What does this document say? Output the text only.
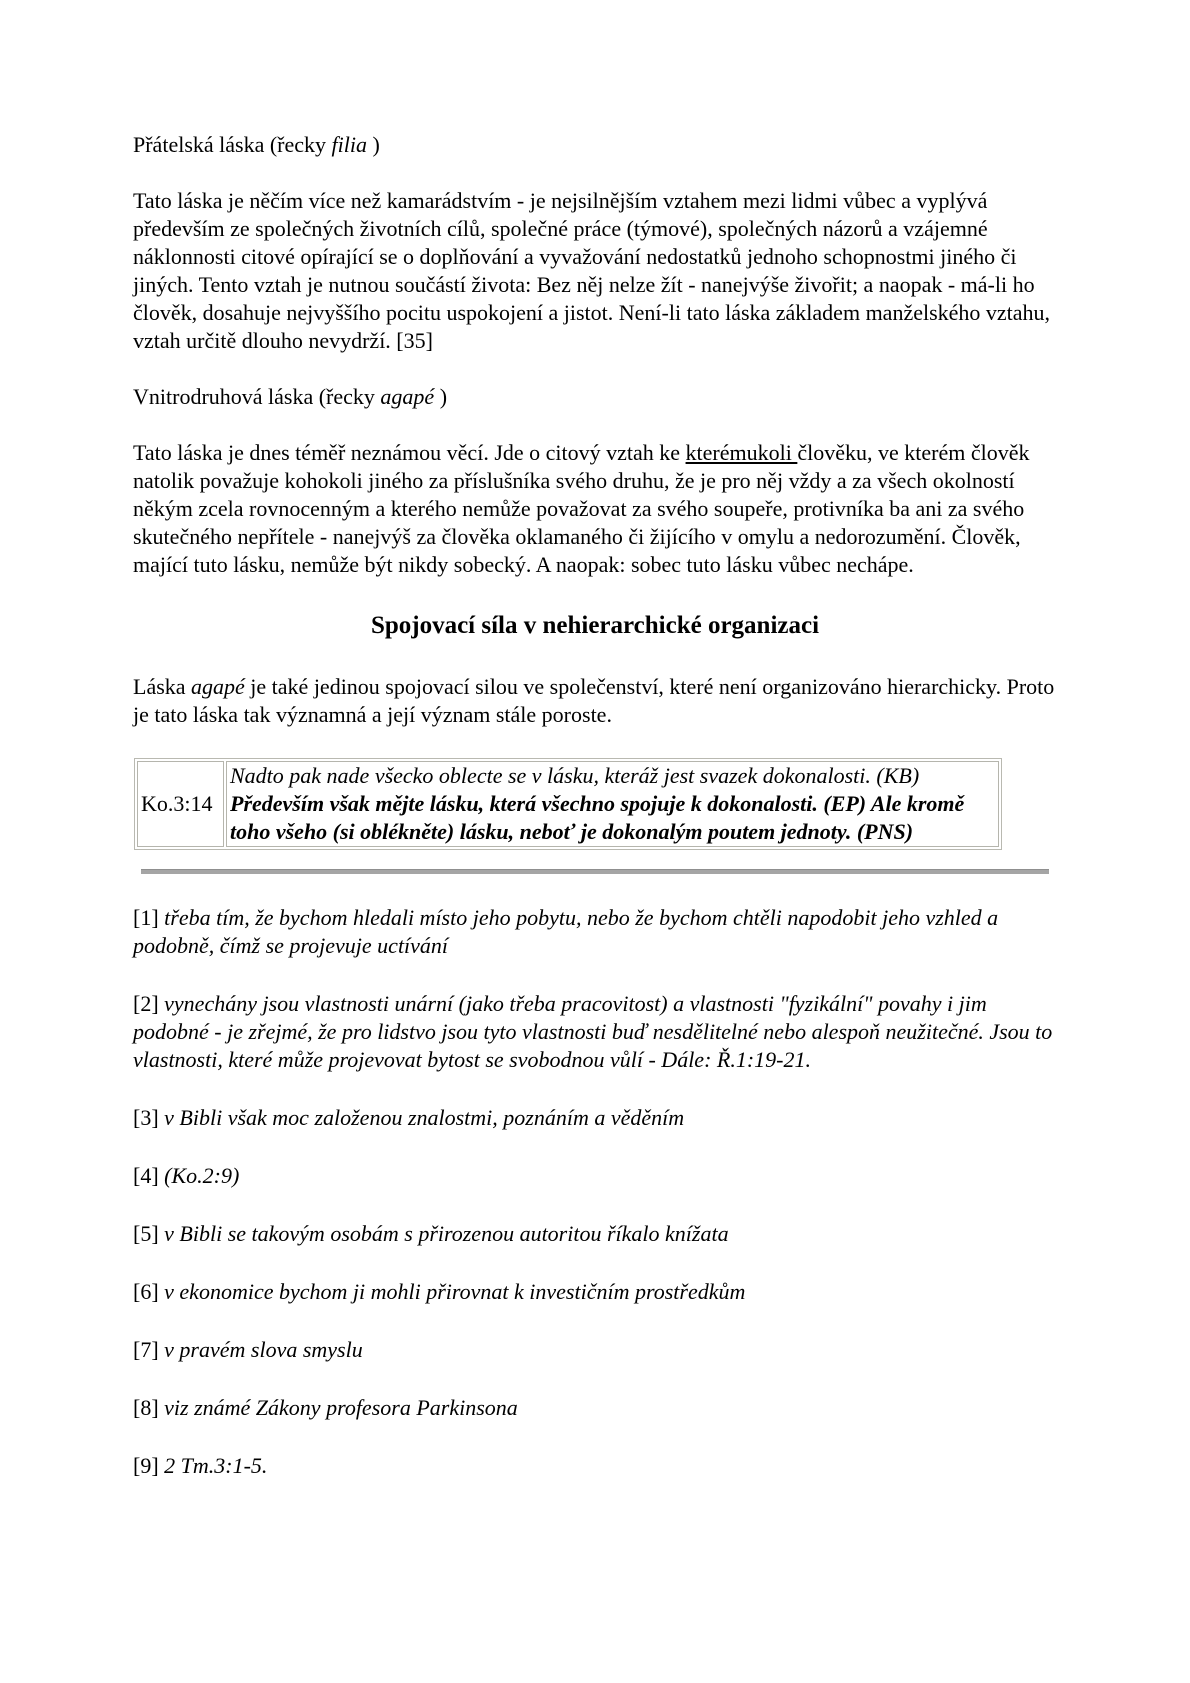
Přátelská láska (řecky filia )

Tato láska je něčím více než kamarádstvím - je nejsilnějším vztahem mezi lidmi vůbec a vyplývá především ze společných životních cílů, společné práce (týmové), společných názorů a vzájemné náklonnosti citové opírající se o doplňování a vyvažování nedostatků jednoho schopnostmi jiného či jiných. Tento vztah je nutnou součástí života: Bez něj nelze žít - nanejvýše živořit; a naopak - má-li ho člověk, dosahuje nejvyššího pocitu uspokojení a jistot. Není-li tato láska základem manželského vztahu, vztah určitě dlouho nevydrží. [35]

Vnitrodruhová láska (řecky agapé )

Tato láska je dnes téměř neznámou věcí. Jde o citový vztah ke kterémukoli člověku, ve kterém člověk natolik považuje kohokoli jiného za příslušníka svého druhu, že je pro něj vždy a za všech okolností někým zcela rovnocenným a kterého nemůže považovat za svého soupeře, protivníka ba ani za svého skutečného nepřítele - nanejvýš za člověka oklamaného či žijícího v omylu a nedorozumění. Člověk, mající tuto lásku, nemůže být nikdy sobecký. A naopak: sobec tuto lásku vůbec nechápe.

Spojovací síla v nehierarchické organizaci

Láska agapé je také jedinou spojovací silou ve společenství, které není organizováno hierarchicky. Proto je tato láska tak významná a její význam stále poroste.

Ko.3:14	Nadto pak nade všecko oblecte se v lásku, kteráž jest svazek dokonalosti. (KB)
Především však mějte lásku, která všechno spojuje k dokonalosti. (EP) Ale kromě toho všeho (si oblékněte) lásku, neboť je dokonalým poutem jednoty. (PNS)

[1] třeba tím, že bychom hledali místo jeho pobytu, nebo že bychom chtěli napodobit jeho vzhled a podobně, čímž se projevuje uctívání

[2] vynechány jsou vlastnosti unární (jako třeba pracovitost) a vlastnosti "fyzikální" povahy i jim podobné - je zřejmé, že pro lidstvo jsou tyto vlastnosti buď nesdělitelné nebo alespoň neužitečné. Jsou to vlastnosti, které může projevovat bytost se svobodnou vůlí - Dále: Ř.1:19-21.

[3] v Bibli však moc založenou znalostmi, poznáním a věděním

[4] (Ko.2:9)

[5] v Bibli se takovým osobám s přirozenou autoritou říkalo knížata

[6] v ekonomice bychom ji mohli přirovnat k investičním prostředkům

[7] v pravém slova smyslu

[8] viz známé Zákony profesora Parkinsona

[9] 2 Tm.3:1-5.
